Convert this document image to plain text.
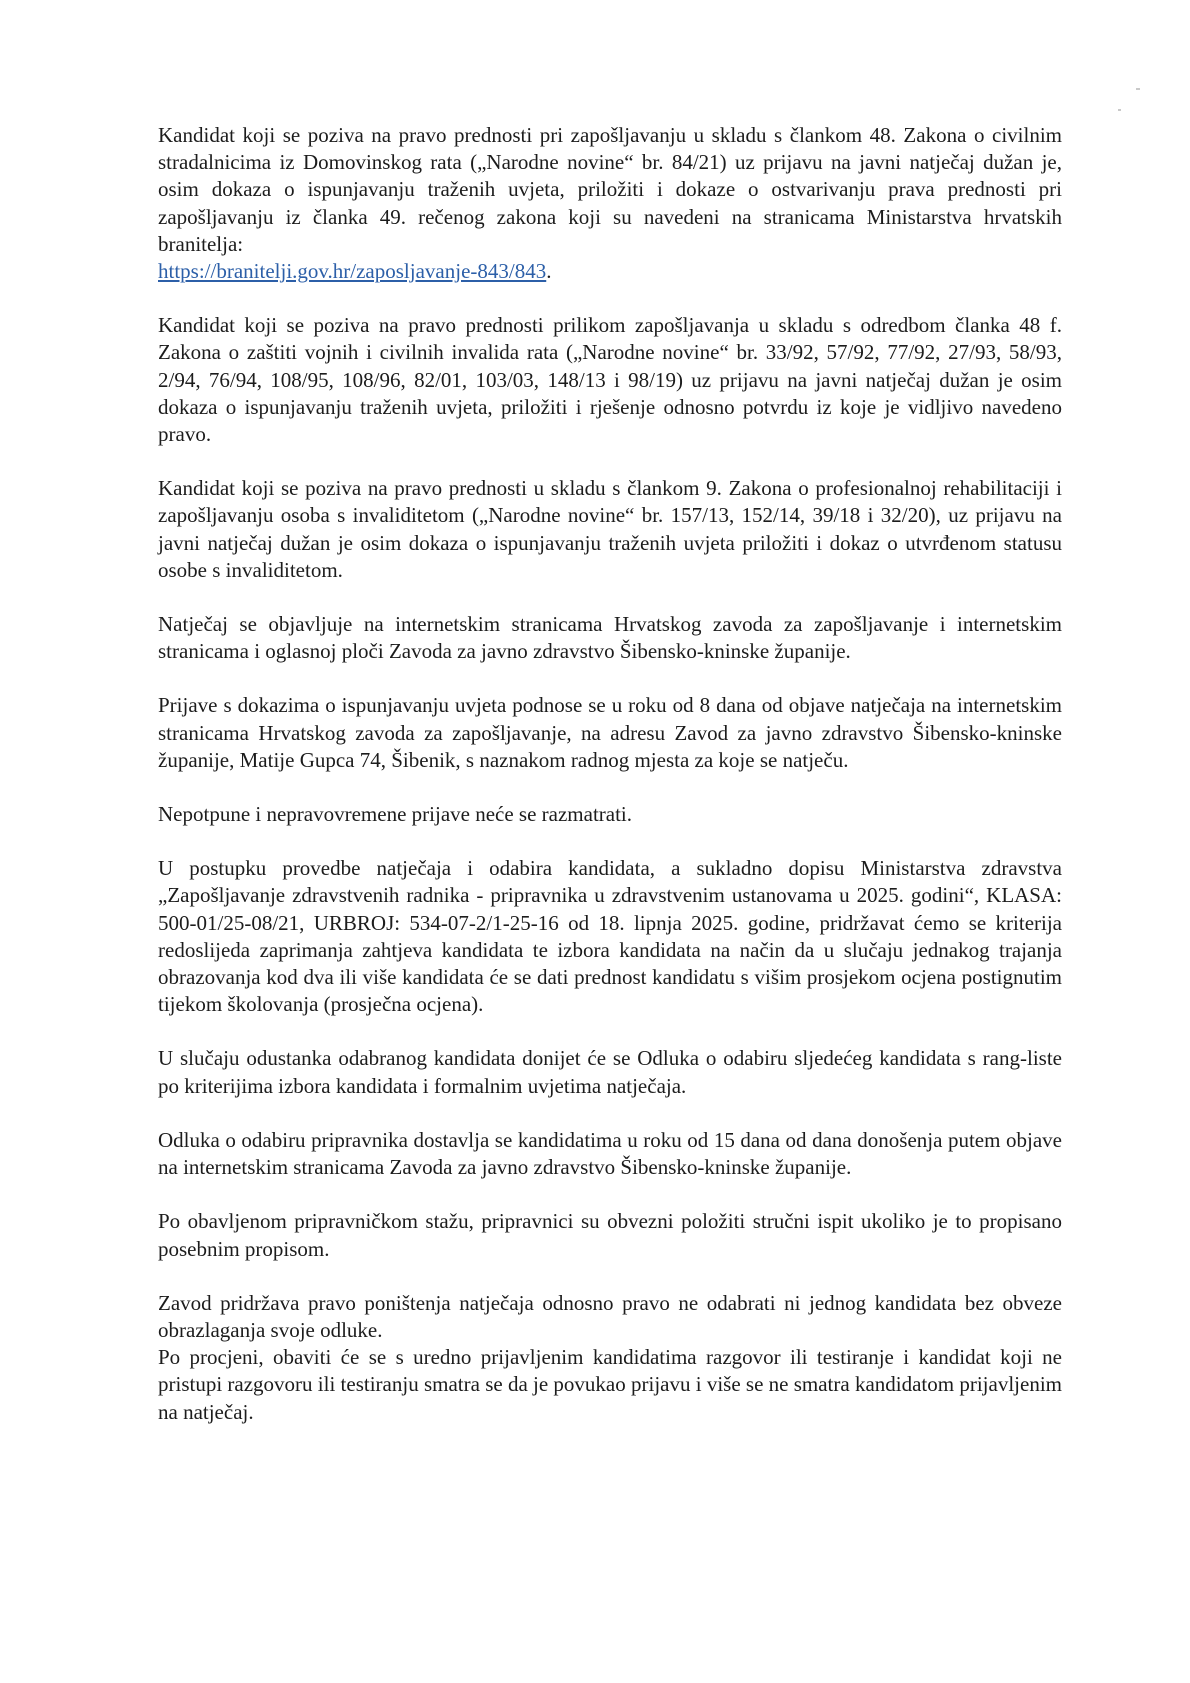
Kandidat koji se poziva na pravo prednosti pri zapošljavanju u skladu s člankom 48. Zakona o civilnim stradalnicima iz Domovinskog rata („Narodne novine“ br. 84/21) uz prijavu na javni natječaj dužan je, osim dokaza o ispunjavanju traženih uvjeta, priložiti i dokaze o ostvarivanju prava prednosti pri zapošljavanju iz članka 49. rečenog zakona koji su navedeni na stranicama Ministarstva hrvatskih branitelja:
https://branitelji.gov.hr/zaposljavanje-843/843.

Kandidat koji se poziva na pravo prednosti prilikom zapošljavanja u skladu s odredbom članka 48 f. Zakona o zaštiti vojnih i civilnih invalida rata („Narodne novine“ br. 33/92, 57/92, 77/92, 27/93, 58/93, 2/94, 76/94, 108/95, 108/96, 82/01, 103/03, 148/13 i 98/19) uz prijavu na javni natječaj dužan je osim dokaza o ispunjavanju traženih uvjeta, priložiti i rješenje odnosno potvrdu iz koje je vidljivo navedeno pravo.

Kandidat koji se poziva na pravo prednosti u skladu s člankom 9. Zakona o profesionalnoj rehabilitaciji i zapošljavanju osoba s invaliditetom („Narodne novine“ br. 157/13, 152/14, 39/18 i 32/20), uz prijavu na javni natječaj dužan je osim dokaza o ispunjavanju traženih uvjeta priložiti i dokaz o utvrđenom statusu osobe s invaliditetom.

Natječaj se objavljuje na internetskim stranicama Hrvatskog zavoda za zapošljavanje i internetskim stranicama i oglasnoj ploči Zavoda za javno zdravstvo Šibensko-kninske županije.

Prijave s dokazima o ispunjavanju uvjeta podnose se u roku od 8 dana od objave natječaja na internetskim stranicama Hrvatskog zavoda za zapošljavanje, na adresu Zavod za javno zdravstvo Šibensko-kninske županije, Matije Gupca 74, Šibenik, s naznakom radnog mjesta za koje se natječu.

Nepotpune i nepravovremene prijave neće se razmatrati.

U postupku provedbe natječaja i odabira kandidata, a sukladno dopisu Ministarstva zdravstva „Zapošljavanje zdravstvenih radnika - pripravnika u zdravstvenim ustanovama u 2025. godini“, KLASA: 500-01/25-08/21, URBROJ: 534-07-2/1-25-16 od 18. lipnja 2025. godine, pridržavat ćemo se kriterija redoslijeda zaprimanja zahtjeva kandidata te izbora kandidata na način da u slučaju jednakog trajanja obrazovanja kod dva ili više kandidata će se dati prednost kandidatu s višim prosjekom ocjena postignutim tijekom školovanja (prosječna ocjena).

U slučaju odustanka odabranog kandidata donijet će se Odluka o odabiru sljedećeg kandidata s rang-liste po kriterijima izbora kandidata i formalnim uvjetima natječaja.

Odluka o odabiru pripravnika dostavlja se kandidatima u roku od 15 dana od dana donošenja putem objave na internetskim stranicama Zavoda za javno zdravstvo Šibensko-kninske županije.

Po obavljenom pripravničkom stažu, pripravnici su obvezni položiti stručni ispit ukoliko je to propisano posebnim propisom.

Zavod pridržava pravo poništenja natječaja odnosno pravo ne odabrati ni jednog kandidata bez obveze obrazlaganja svoje odluke.

Po procjeni, obaviti će se s uredno prijavljenim kandidatima razgovor ili testiranje i kandidat koji ne pristupi razgovoru ili testiranju smatra se da je povukao prijavu i više se ne smatra kandidatom prijavljenim na natječaj.
